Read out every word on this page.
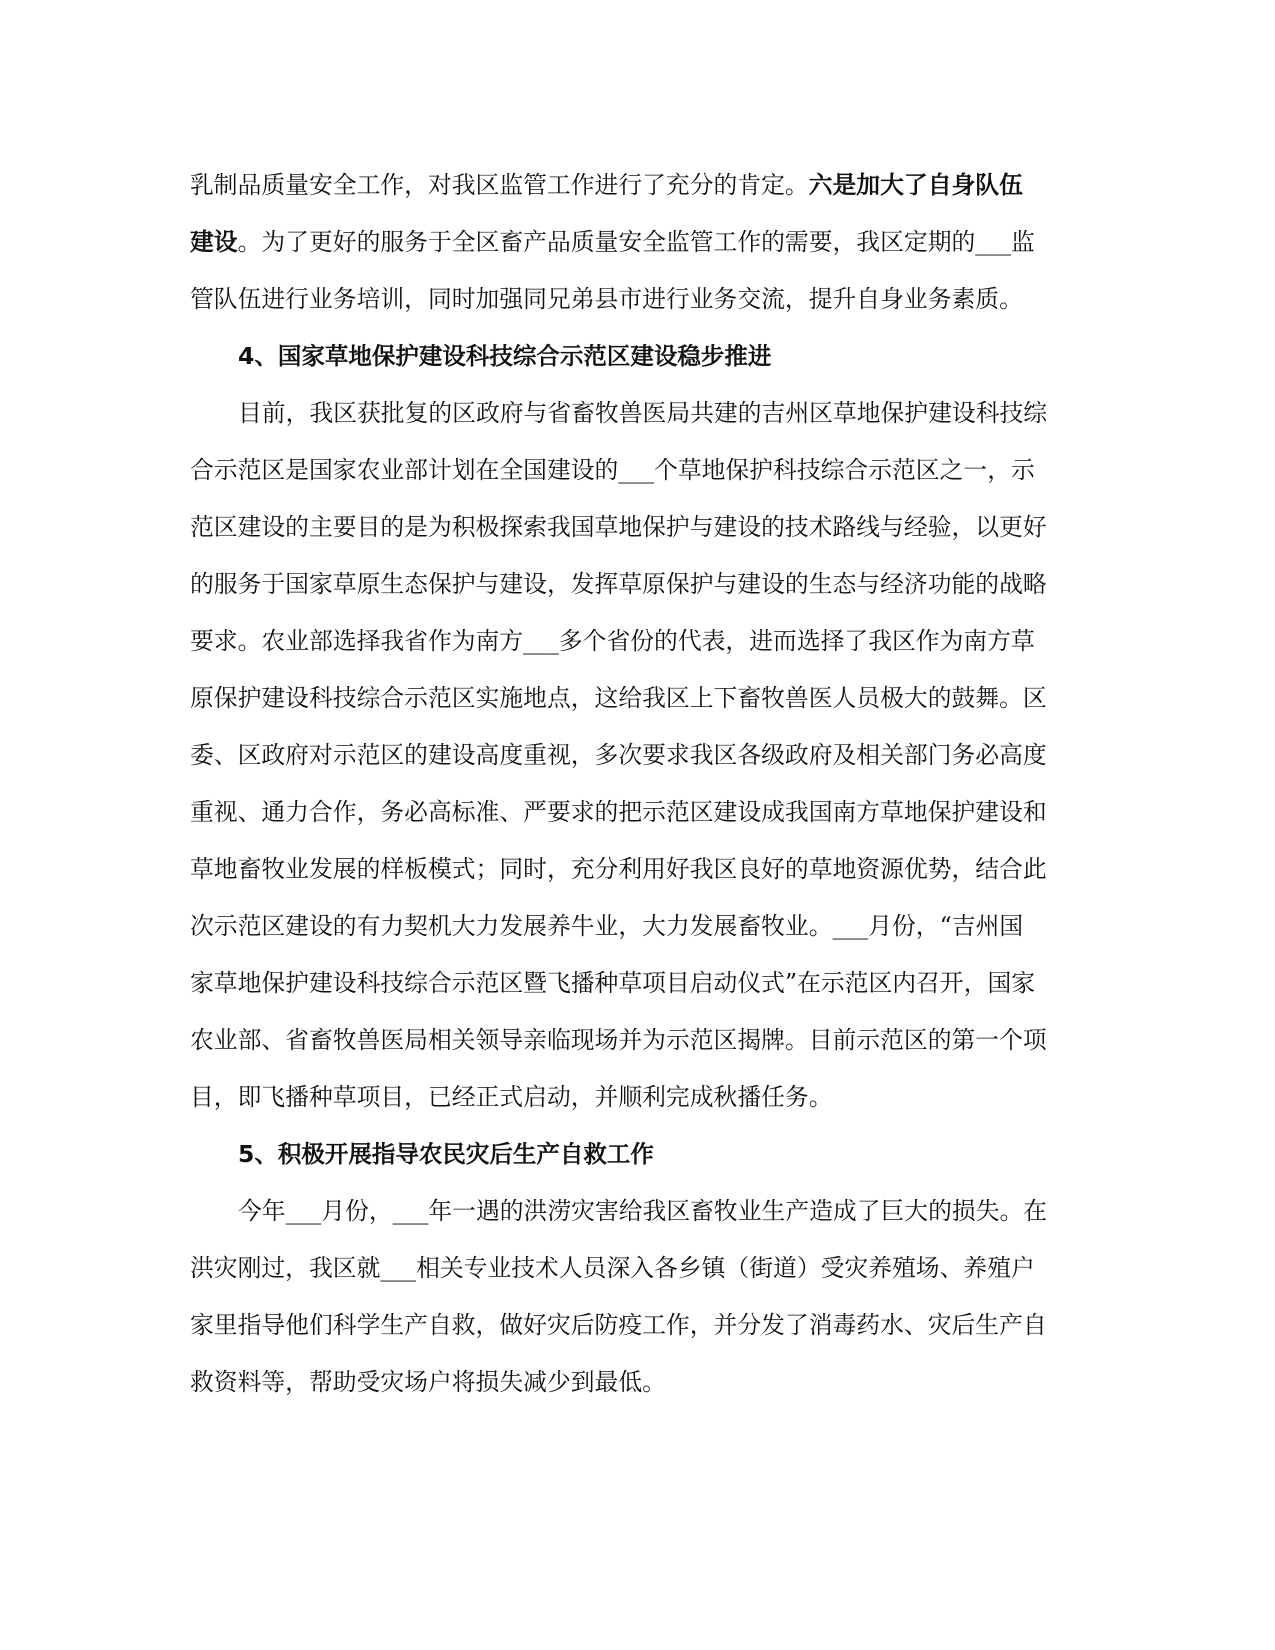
乳制品质量安全工作，对我区监管工作进行了充分的肯定。六是加大了自身队伍
建设。为了更好的服务于全区畜产品质量安全监管工作的需要，我区定期的___监
管队伍进行业务培训，同时加强同兄弟县市进行业务交流，提升自身业务素质。
4、国家草地保护建设科技综合示范区建设稳步推进
目前，我区获批复的区政府与省畜牧兽医局共建的吉州区草地保护建设科技综
合示范区是国家农业部计划在全国建设的___个草地保护科技综合示范区之一，示
范区建设的主要目的是为积极探索我国草地保护与建设的技术路线与经验，以更好
的服务于国家草原生态保护与建设，发挥草原保护与建设的生态与经济功能的战略
要求。农业部选择我省作为南方___多个省份的代表，进而选择了我区作为南方草
原保护建设科技综合示范区实施地点，这给我区上下畜牧兽医人员极大的鼓舞。区
委、区政府对示范区的建设高度重视，多次要求我区各级政府及相关部门务必高度
重视、通力合作，务必高标准、严要求的把示范区建设成我国南方草地保护建设和
草地畜牧业发展的样板模式；同时，充分利用好我区良好的草地资源优势，结合此
次示范区建设的有力契机大力发展养牛业，大力发展畜牧业。___月份，“吉州国
家草地保护建设科技综合示范区暨飞播种草项目启动仪式”在示范区内召开，国家
农业部、省畜牧兽医局相关领导亲临现场并为示范区揭牌。目前示范区的第一个项
目，即飞播种草项目，已经正式启动，并顺利完成秋播任务。
5、积极开展指导农民灾后生产自救工作
今年___月份，___年一遇的洪涝灾害给我区畜牧业生产造成了巨大的损失。在
洪灾刚过，我区就___相关专业技术人员深入各乡镇（街道）受灾养殖场、养殖户
家里指导他们科学生产自救，做好灾后防疫工作，并分发了消毒药水、灾后生产自
救资料等，帮助受灾场户将损失减少到最低。
